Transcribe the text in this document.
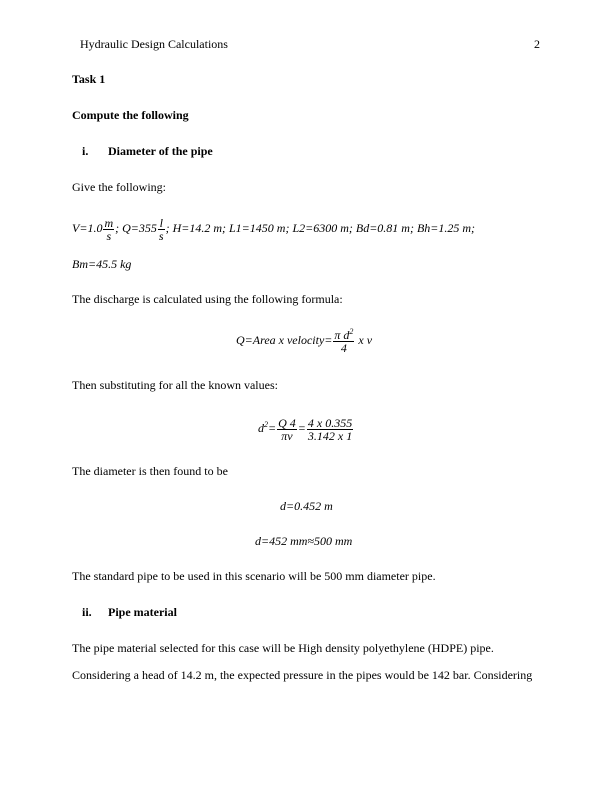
Hydraulic Design Calculations	2
Task 1
Compute the following
i. Diameter of the pipe
Give the following:
$V=1.0 \frac{m}{s}$ ; $Q=355 \frac{l}{s}$ ; H=14.2 m; L1=1450 m; L2=6300 m; Bd=0.81 m; Bh=1.25 m;
Bm=45.5 kg
The discharge is calculated using the following formula:
Q=Area x velocity= $\frac{\pi d^2}{4}$ x v
Then substituting for all the known values:
$d^2= \frac{Q 4}{\pi v} = \frac{4 x 0.355}{3.142 x 1}$
The diameter is then found to be
d=0.452 m
d=452 mm≈500 mm
The standard pipe to be used in this scenario will be 500 mm diameter pipe.
ii. Pipe material
The pipe material selected for this case will be High density polyethylene (HDPE) pipe.
Considering a head of 14.2 m, the expected pressure in the pipes would be 142 bar. Considering
